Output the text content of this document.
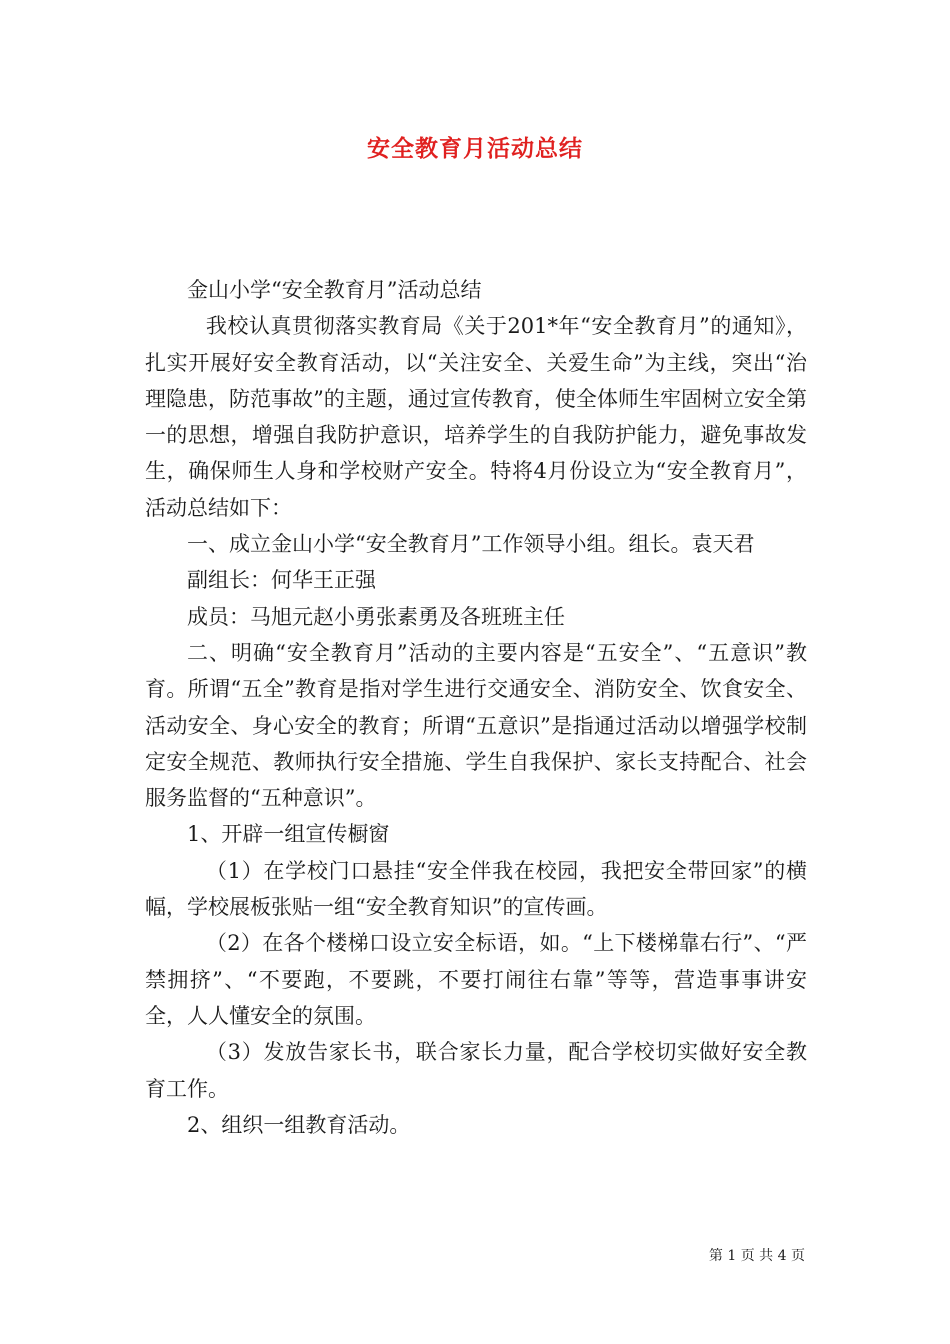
安全教育月活动总结

金山小学“安全教育月”活动总结

我校认真贯彻落实教育局《关于201*年“安全教育月”的通知》，扎实开展好安全教育活动，以“关注安全、关爱生命”为主线，突出“治理隐患，防范事故”的主题，通过宣传教育，使全体师生牢固树立安全第一的思想，增强自我防护意识，培养学生的自我防护能力，避免事故发生，确保师生人身和学校财产安全。特将4月份设立为“安全教育月”，活动总结如下：

一、成立金山小学“安全教育月”工作领导小组。组长。袁天君

副组长：何华王正强

成员：马旭元赵小勇张素勇及各班班主任

二、明确“安全教育月”活动的主要内容是“五安全”、“五意识”教育。所谓“五全”教育是指对学生进行交通安全、消防安全、饮食安全、活动安全、身心安全的教育；所谓“五意识”是指通过活动以增强学校制定安全规范、教师执行安全措施、学生自我保护、家长支持配合、社会服务监督的“五种意识”。

1、开辟一组宣传橱窗

（1）在学校门口悬挂“安全伴我在校园，我把安全带回家”的横幅，学校展板张贴一组“安全教育知识”的宣传画。

（2）在各个楼梯口设立安全标语，如。“上下楼梯靠右行”、“严禁拥挤”、“不要跑，不要跳，不要打闹往右靠”等等，营造事事讲安全，人人懂安全的氛围。

（3）发放告家长书，联合家长力量，配合学校切实做好安全教育工作。

2、组织一组教育活动。

第 1 页 共 4 页
